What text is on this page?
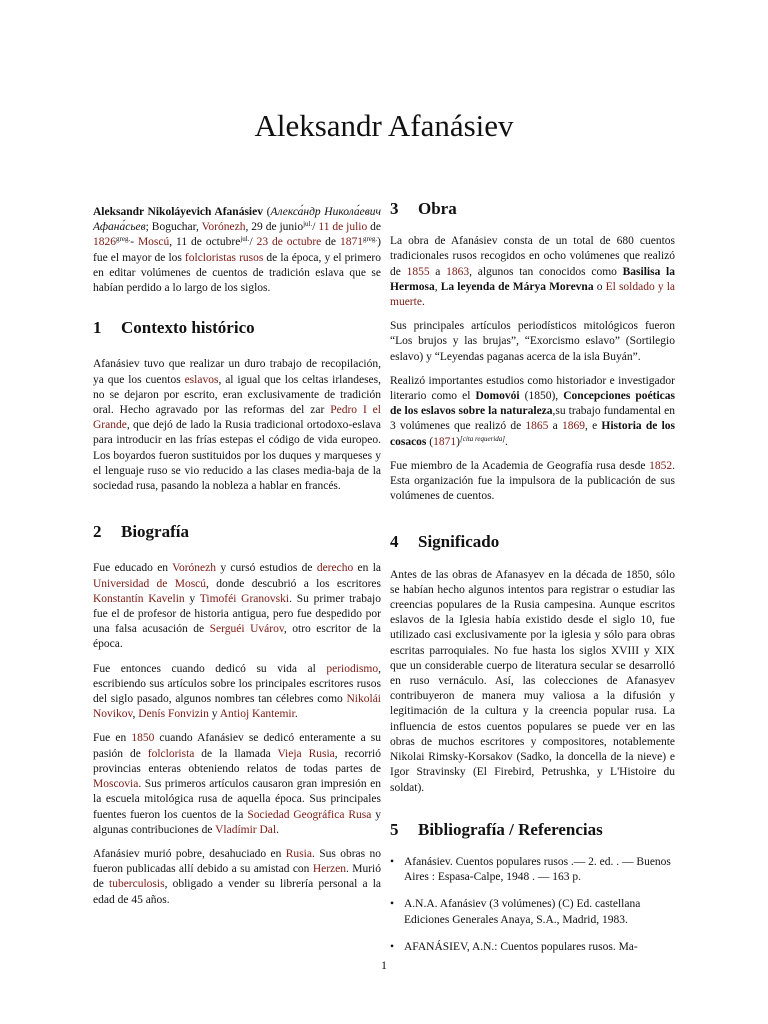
Aleksandr Afanásiev

Aleksandr Nikoláyevich Afanásiev (Алекса́ндр Никола́евич Афана́сьев; Boguchar, Vorónezh, 29 de junio$^{jul.}$/ 11 de julio de $1826^{greg.}-$ Moscú, 11 de octubre$^{jul.}$/ 23 de octubre de $1871^{greg.}$) fue el mayor de los folcloristas rusos de la época, y el primero en editar volúmenes de cuentos de tradición eslava que se habían perdido a lo largo de los siglos.

1 Contexto histórico

Afanásiev tuvo que realizar un duro trabajo de recopilación, ya que los cuentos eslavos, al igual que los celtas irlandeses, no se dejaron por escrito, eran exclusivamente de tradición oral. Hecho agravado por las reformas del zar Pedro I el Grande, que dejó de lado la Rusia tradicional ortodoxo-eslava para introducir en las frías estepas el código de vida europeo. Los boyardos fueron sustituidos por los duques y marqueses y el lenguaje ruso se vio reducido a las clases media-baja de la sociedad rusa, pasando la nobleza a hablar en francés.

2 Biografía

Fue educado en Vorónezh y cursó estudios de derecho en la Universidad de Moscú, donde descubrió a los escritores Konstantín Kavelin y Timoféi Granovski. Su primer trabajo fue el de profesor de historia antigua, pero fue despedido por una falsa acusación de Serguéi Uvárov, otro escritor de la época.

Fue entonces cuando dedicó su vida al periodismo, escribiendo sus artículos sobre los principales escritores rusos del siglo pasado, algunos nombres tan célebres como Nikolái Novikov, Denís Fonvizin y Antioj Kantemir.

Fue en 1850 cuando Afanásiev se dedicó enteramente a su pasión de folclorista de la llamada Vieja Rusia, recorrió provincias enteras obteniendo relatos de todas partes de Moscovia. Sus primeros artículos causaron gran impresión en la escuela mitológica rusa de aquella época. Sus principales fuentes fueron los cuentos de la Sociedad Geográfica Rusa y algunas contribuciones de Vladímir Dal.

Afanásiev murió pobre, desahuciado en Rusia. Sus obras no fueron publicadas allí debido a su amistad con Herzen. Murió de tuberculosis, obligado a vender su librería personal a la edad de 45 años.

3 Obra

La obra de Afanásiev consta de un total de 680 cuentos tradicionales rusos recogidos en ocho volúmenes que realizó de 1855 a 1863, algunos tan conocidos como Basilisa la Hermosa, La leyenda de Márya Morevna o El soldado y la muerte.

Sus principales artículos periodísticos mitológicos fueron “Los brujos y las brujas”, “Exorcismo eslavo” (Sortilegio eslavo) y “Leyendas paganas acerca de la isla Buyán”.

Realizó importantes estudios como historiador e investigador literario como el Domovói (1850), Concepciones poéticas de los eslavos sobre la naturaleza,su trabajo fundamental en 3 volúmenes que realizó de 1865 a 1869, e Historia de los cosacos (1871)[cita requerida].

Fue miembro de la Academia de Geografía rusa desde 1852. Esta organización fue la impulsora de la publicación de sus volúmenes de cuentos.

4 Significado

Antes de las obras de Afanasyev en la década de 1850, sólo se habían hecho algunos intentos para registrar o estudiar las creencias populares de la Rusia campesina. Aunque escritos eslavos de la Iglesia había existido desde el siglo 10, fue utilizado casi exclusivamente por la iglesia y sólo para obras escritas parroquiales. No fue hasta los siglos XVIII y XIX que un considerable cuerpo de literatura secular se desarrolló en ruso vernáculo. Así, las colecciones de Afanasyev contribuyeron de manera muy valiosa a la difusión y legitimación de la cultura y la creencia popular rusa. La influencia de estos cuentos populares se puede ver en las obras de muchos escritores y compositores, notablemente Nikolai Rimsky-Korsakov (Sadko, la doncella de la nieve) e Igor Stravinsky (El Firebird, Petrushka, y L'Histoire du soldat).

5 Bibliografía / Referencias
• Afanásiev. Cuentos populares rusos .— 2. ed. . — Buenos Aires : Espasa-Calpe, 1948 . — 163 p.
• A.N.A. Afanásiev (3 volúmenes) (C) Ed. castellana Ediciones Generales Anaya, S.A., Madrid, 1983.
• AFANÁSIEV, A.N.: Cuentos populares rusos. Ma-
1
